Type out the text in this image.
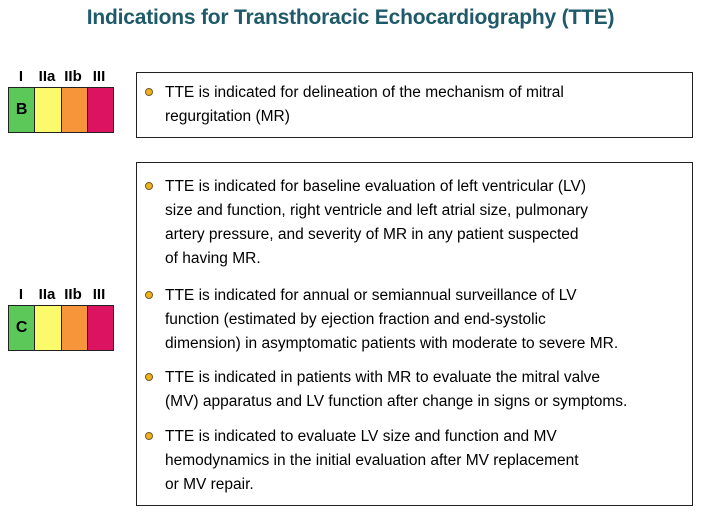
Indications for Transthoracic Echocardiography (TTE)
I	IIa IIb III
B
TTE is indicated for delineation of the mechanism of mitral
regurgitation (MR)
I	IIa IIb III
C
TTE is indicated for baseline evaluation of left ventricular (LV)
size and function, right ventricle and left atrial size, pulmonary
artery pressure, and severity of MR in any patient suspected
of having MR.
TTE is indicated for annual or semiannual surveillance of LV
function (estimated by ejection fraction and end-systolic
dimension) in asymptomatic patients with moderate to severe MR.
TTE is indicated in patients with MR to evaluate the mitral valve
(MV) apparatus and LV function after change in signs or symptoms.
TTE is indicated to evaluate LV size and function and MV
hemodynamics in the initial evaluation after MV replacement
or MV repair.
